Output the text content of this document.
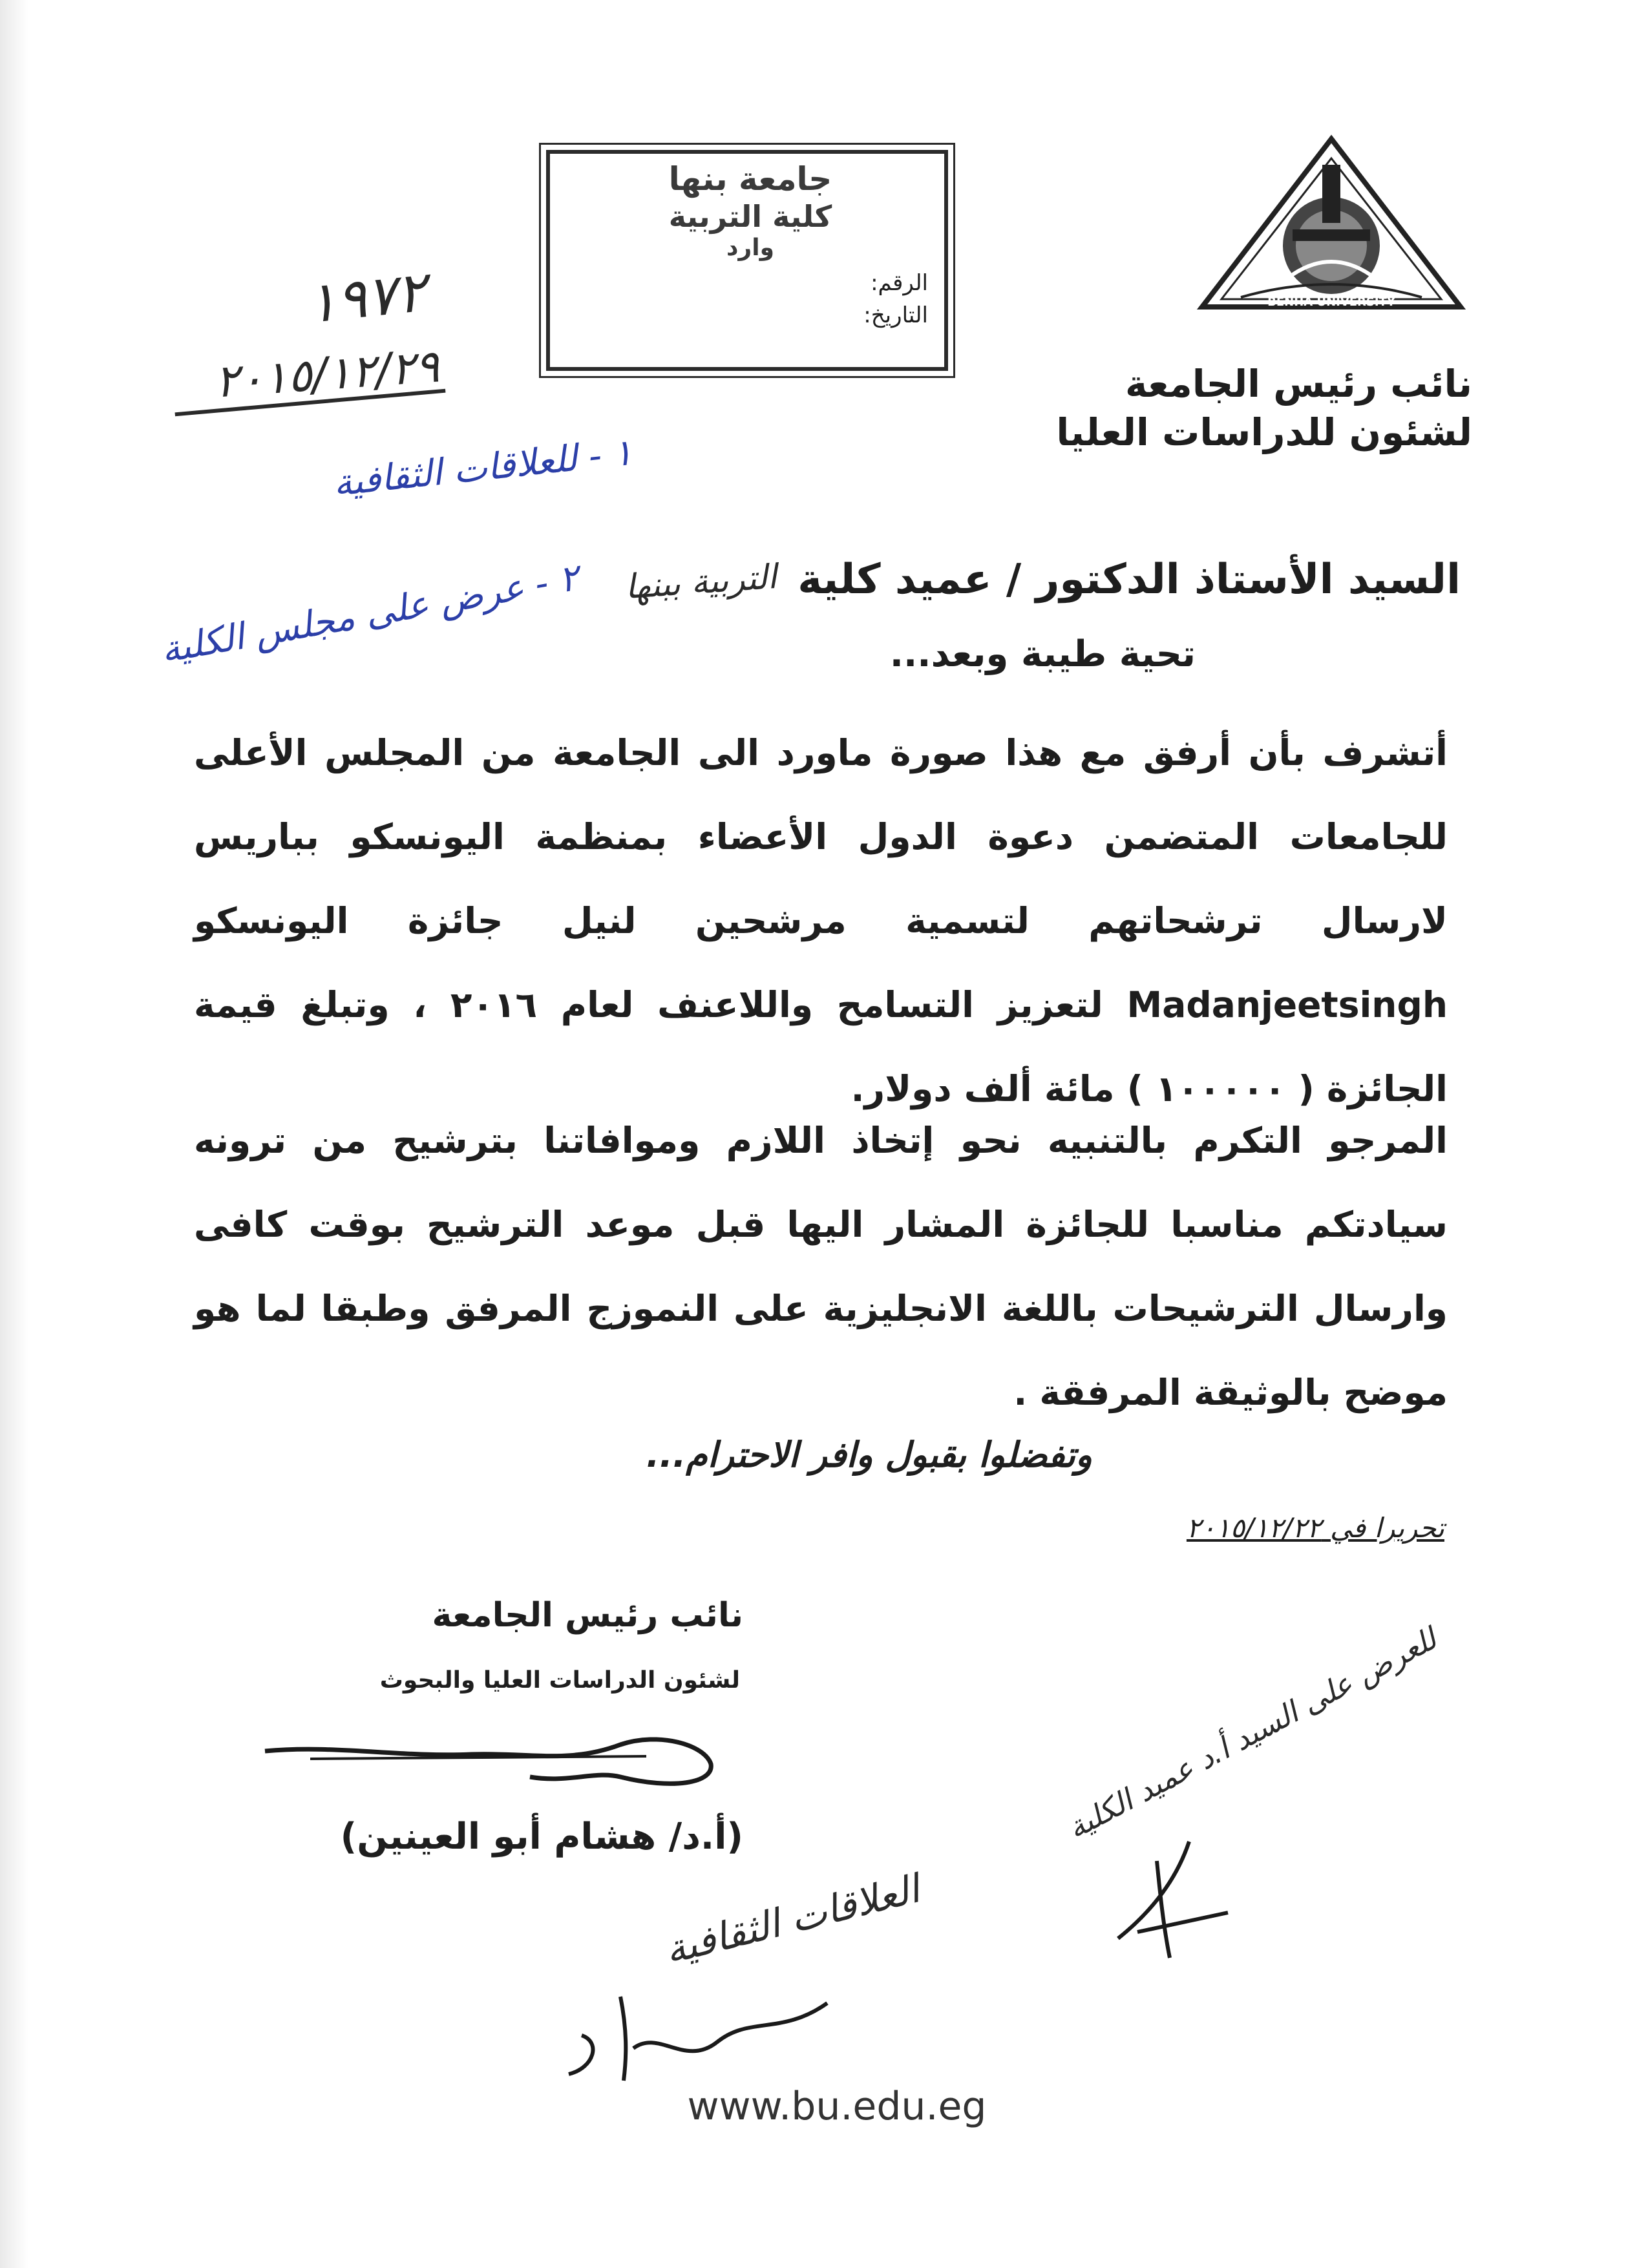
BENHA UNIVERSITY
نائب رئيس الجامعة
لشئون للدراسات العليا
جامعة بنها
كلية التربية
وارد
الرقم:
التاريخ:
١٩٧٢
٢٠١٥/١٢/٢٩
١ - للعلاقات الثقافية
٢ - عرض على مجلس الكلية	السيد الأستاذ الدكتور / عميد كلية التربية ببنها
تحية طيبة وبعد...
أتشرف بأن أرفق مع هذا صورة ماورد الى الجامعة من المجلس الأعلى للجامعات المتضمن دعوة الدول الأعضاء بمنظمة اليونسكو بباريس لارسال ترشحاتهم لتسمية مرشحين لنيل جائزة اليونسكو Madanjeetsingh لتعزيز التسامح واللاعنف لعام ٢٠١٦ ، وتبلغ قيمة الجائزة ( ١٠٠٠٠٠ ) مائة ألف دولار.
المرجو التكرم بالتنبيه نحو إتخاذ اللازم وموافاتنا بترشيح من ترونه سيادتكم مناسبا للجائزة المشار اليها قبل موعد الترشيح بوقت كافى وارسال الترشيحات باللغة الانجليزية على النموزج المرفق وطبقا لما هو موضح بالوثيقة المرفقة .
وتفضلوا بقبول وافر الاحترام...
تحريرا في ٢٠١٥/١٢/٢٢
نائب رئيس الجامعة
لشئون الدراسات العليا والبحوث
(أ.د/ هشام أبو العينين)	للعرض على السيد أ.د عميد الكلية
العلاقات الثقافية
www.bu.edu.eg
